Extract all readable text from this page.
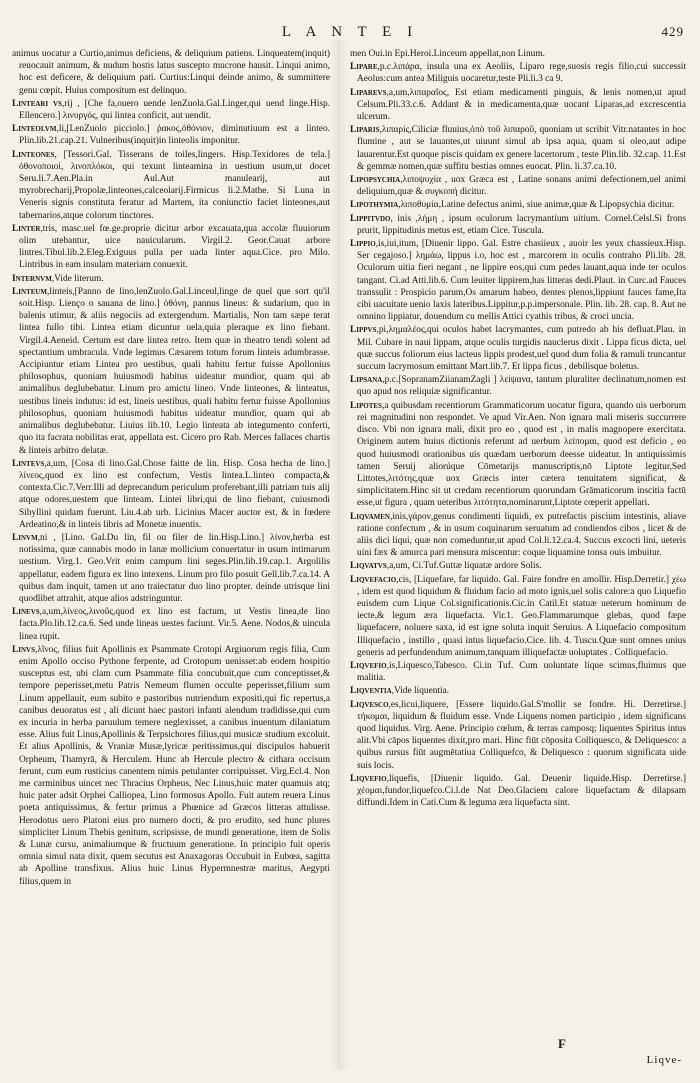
L A N T E I	429

animus uocatur a Curtio,animus deficiens, & deliquium patiens. Linqueatem(inquit) reuocauit animum, & nudum hostis latus suscepto mucrone hausit. Linqui animo, hoc est deficere, & deliquium pati. Curtius:Linqui deinde animo, & summittere genu cœpit. Huius compositum est delinquo.

Linteari vs,rij , [Che fa,ouero uende lenZuola.Gal.Linger,qui uend linge.Hisp. Ellencero.] λινυργός, qui lintea conficit, aut uendit.

Linteolvm,li,[LenZuolo picciolo.] ῥακος,ὀθόνιον, diminutiuum est a linteo. Plin.lib.21.cap.21. Vulneribus(inquit)in linteolis imponitur.

Linteones, [Tessori.Gal. Tisserans de toiles,lingers. Hisp.Texidores de tela.] ὀθονοποιοὶ, λινοπλόκοι, qui texunt linteamina in uestium usum,ut docet Seru.li.7.Aen.Pla.in Aul.Aut manulearij, aut myrobrecharij,Propolæ,linteones,calceolarij.Firmicus li.2.Mathe. Si Luna in Veneris signis constituta feratur ad Martem, ita coniunctio faciet linteones,aut tabernarios,atque colorum tinctores.

Linter,tris, masc.uel fœ.ge.proprie dicitur arbor excauata,qua accolæ fluuiorum olim utebantur, uice nauicularum. Virgil.2. Geor.Cauat arbore lintres.Tibul.lib.2.Eleg.Exiguus pulla per uada linter aqua.Cice. pro Milo. Lintribus in eam insulam materiam conuexit.

Internvm,Vide literum.

Linteum,linteis,[Panno de lino,lenZuolo.Gal.Linceul,linge de quel que sort qu'il soit.Hisp. Lienço o sauana de lino.] ὀθόνη, pannus lineus: & sudarium, quo in balenis utimur, & aliis negociis ad extergendum. Martialis, Non tam sæpe terat lintea fullo tibi. Lintea etiam dicuntur uela,quia pleraque ex lino fiebant. Virgil.4.Aeneid. Certum est dare lintea retro. Item quæ in theatro tendi solent ad spectantium umbracula. Vnde legimus Cæsarem totum forum linteis adumbrasse. Accipiuntur etiam Lintea pro uestibus, quali habitu fertur fuisse Apollonius philosophus, quoniam huiusmodi habitus uideatur mundior, quam qui ab animalibus deglubebatur. Linum pro amictu lineo. Vnde linteones, & linteatus, uestibus lineis indutus: id est, lineis uestibus, quali habitu fertur fuisse Apollonius philosophus, quoniam huiusmodi habitus uideatur mundior, quam qui ab animalibus deglubebatur. Liuius lib.10. Legio linteata ab integumento conferti, quo ita facrata nobilitas erat, appellata est. Cicero pro Rab. Merces fallaces chartis & linteis arbitro delatæ.

Lintevs,a,um, [Cosa di lino.Gal.Chose faitte de lin. Hisp. Cosa hecha de lino.] λίνεος,quod ex lino est confectum, Vestis lintea.L.linteo compacta,& contexta.Cic.7.Verr.Illi ad deprecandum periculum proferebant,illi patriam tuis alij atque odores,uestem que linteam. Lintei libri,qui de lino fiebant, cuiusmodi Sibyllini quidam fuerunt. Liu.4.ab urb. Licinius Macer auctor est, & in fœdere Ardeatino,& in linteis libris ad Monetæ inuentis.

Linvm,ni , [Lino. Gal.Du lin, fil ou filer de lin.Hisp.Lino.] λίνον,herba est notissima, quæ cannabis modo in lanæ mollicium conuertatur in usum intimarum uestium. Virg.1. Geo.Vrit enim campum lini seges.Plin.lib.19.cap.1. Argolilis appellatur, eadem figura ex lino intexens. Linum pro filo posuit Gell.lib.7.ca.14. A quibus dam inquit, tamen ut ano traiectatur duo lino propter. deinde utrisque lini quodlibet attrahit, atque alios adstringuntur.

Linevs,a,um,λίνεος,λινοῦς,quod ex lino est factum, ut Vestis linea,de lino facta.Plo.lib.12.ca.6. Sed unde lineas uestes faciunt. Vir.5. Aene. Nodos,& uincula linea rupit.

Linvs,λῖνος, filius fuit Apollinis ex Psammate Crotopi Argiuorum regis filia, Cum enim Apollo occiso Pythone ferpente, ad Crotopum uenisset:ab eodem hospitio susceptus est, ubi clam cum Psammate filia concubuit,que cum conceptisset,& tempore peperisset,metu Patris Nemeum flumen occulte peperisset,filium sum Linum appellauit, eum subito e pastoribus nutriendum expositi,qui fic repertus,a canibus deuoratus est , ali dicunt haec pastori infanti alendum tradidisse,qui cum ex incuria in herba paruulum temere neglexisset, a canibus inuentum dilaniatum esse. Alius fuit Linus,Apollinis & Terpsichores filius,qui musicæ studium excoluit. Et alius Apollinis, & Vraniæ Musæ,lyricæ peritissimus,qui discipulos habuerit Orpheum, Thamyrā, & Herculem. Hunc ab Hercule plectro & cithara occisum ferunt, cum eum rusticius canentem nimis petulanter corripuisset. Virg.Ecl.4. Non me carminibus uincet nec Thracius Orpheus, Nec Linus,huic mater quamuis atq; huic pater adsit Orphei Calliopea, Lino formosus Apollo. Fuit autem reuera Linus poeta antiquissimus, & fertur primus a Phœnice ad Græcos litteras attulisse. Herodotus uero Platoni eius pro numero docti, & pro erudito, sed hunc plures simpliciter Linum Thebis genitum, scripsisse, de mundi generatione, item de Solis & Lunæ cursu, animaliumque & fructuum generatione. In principio fuit operis omnia simul nata dixit, quem secutus est Anaxagoras Occubuit in Eubœa, sagitta ab Apolline transfixus. Alius huic Linus Hypermnestræ maritus, Aegypti filius,quem in

men Oui.in Epi.Heroi.Linceum appellat,non Linum.

Lipare,p.c.λιπάρα, insula una ex Aeoliis, Liparo rege,suosis regis filio,cui successit Aeolus:cum antea Miliguis uocaretur,teste Pli.li.3 ca 9.

Liparevs,a,um,λιπαραῖος, Est etiam medicamenti pinguis, & lenis nomen,ut apud Celsum.Pli.33.c.6. Addant & in medicamenta,quæ uocant Liparas,ad excrescentia ulcerum.

Liparis,λιπαρίς,Ciliciæ fluuius,ὁπὸ τοῦ λιπαροῦ, quoniam ut scribit Vitr.natantes in hoc flumine , aut se lauantes,ut uiuunt simul ab ipsa aqua, quam si oleo,aut adipe lauarentur.Est quoque piscis quidam ex genere lacertorum , teste Plin.lib. 32.cap. 11.Est & gemmæ nomen,quæ suffitu bestias omnes euocat. Plin. li.37.ca.10.

Lipopsychia,λιποψυχία , uox Græca est , Latine sonans animi defectionem,uel animi deliquium,quæ & συγκοπή dicitur.

Lipothymia,λιποθυμία,Latine defectus animi, siue animæ,quæ & Lipopsychia dicitur.

Lippitvdo, inis ,λήμη , ipsum oculorum lacrymantium uitium. Cornel.Celsl.Si frons prurit, lippitudinis metus est, etiam Cice. Tuscula.

Lippio,is,iui,itum, [Diuenir lippo. Gal. Estre chasiieux , auoir les yeux chassieux.Hisp. Ser cegajoso.] λημάω, lippus i.o, hoc est , marcorem in oculis contraho Pli.lib. 28. Oculorum uitia fieri negant , ne lippire eos,qui cum pedes lauant,aqua inde ter oculos tangant. Ci.ad Atti.lib.6. Cum leuiter lippirem,has litteras dedi.Plaut. in Curc.ad Fauces transsulit : Prospicio parum,Os amarum habeo, dentes plenos,lippiunt fauces fame,Ita cibi uacuitate uenio laxis lateribus.Lippitur,p.p.impersonale. Plin. lib. 28. cap. 8. Aut ne omnino lippiatur, douendum cu mellis Attici cyathis tribus, & croci uncia.

Lippvs,pi,λημαλέος,qui oculos habet lacrymantes, cum putredo ab his defluat.Plau. in Mil. Cubare in naui lippam, atque oculis turgidis nauclerus dixit . Lippa ficus dicta, uel quæ succus foliorum eius lacteus lippis prodest,uel quod dum folia & ramuli truncantur succum lacrymosum emittant Mart.lib.7. Et lippa ficus , debilisque boletus.

Lipsana,p.c.[SopranamZiianamZagli ] λείψανα, tantum pluraliter declinatum,nomen est quo apud nos reliquiæ significantur.

Lipotes,a quibusdam recentiorum Grammaticorum uocatur figura, quando uis uerborum rei magnitudini non respondet. Ve apud Vir.Aen. Non ignara mali miseris succurrere disco. Vbi non ignara mali, dixit pro eo , quod est , in malis magnopere exercitata. Originem autem huius dictionis referunt ad uerbum λείπομαι, quod est deficio , eo quod huiusmodi orationibus uis quædam uerborum deesse uideatur. In antiquissimis tamen Seruij aliorúque Cōmetarijs manuscriptis,nō Liptote legitur,Sed Littotes,λιτότης,quæ uox Græcis inter cætera tenuitatem significat, & simplicitatem.Hinc sit ut credam recentiorum quorundam Grāmaticorum inscitia factū esse,ut figura , quam ueteribus λιτότητα,nominarunt,Liptote cœperit appellari.

Liqvamen,inis,γάρον,genus condimenti liquidi, ex putrefactis piscium intestinis, aliave ratione confectum , & in usum coquinarum seruatum ad condiendos cibos , licet & de aliis dici liqui, quæ non comeduntur,ut apud Col.li.12.ca.4. Succus excocti lini, ueteris uini fæx & amurca pari mensura miscentur: coque liquamine tonsa ouis imbuitur.

Liqvatvs,a,um, Ci.Tuf.Guttæ liquatæ ardore Solis.

Liqvefacio,cis, [Liquefare, far liquido. Gal. Faire fondre en amollir. Hisp.Derretir.] χέω , idem est quod liquidum & fluidum facio ad moto ignis,uel solis calore:a quo Liquefio euisdem cum Lique Col.significationis.Cic.in Catil.Et statuæ ueterum hominum de iecte,& legum æra liquefacta. Vir.1. Geo.Flammarumque glebas, quod fæpe liquefacere, noluere saxa, id est igne soluta inquit Seruius. A Liquefacio compositum Illiquefacio , instillo , quasi intus liquefacio.Cice. lib. 4. Tuscu.Quæ sunt omnes unius generis ad perfundendum animum,tanquam illiquefactæ uoluptates . Colliquefacio.

Liqvefio,is,Liquesco,Tabesco. Ci.in Tuf. Cum uoluntate lique scimus,fluimus que malitia.

Liqventia,Vide liquentia.

Liqvesco,es,licui,liquere, [Essere liquido.Gal.S'mollir se fondre. Hi. Derretirse.] τήκομαι, liquidum & fluidum esse. Vnde Liquens nomen participio , idem significans quod liquidus. Virg. Aene. Principio cœlum, & terras camposq; liquentes Spiritus intus alit.Vbi cāpos liquentes dixit,pro mari. Hinc fiūt cōposita Colliquesco, & Deliquesco: a quibus rursus fiūt augmētatiua Colliquefco, & Deliquesco : quorum significata uide suis locis.

Liqvefio,liquefis, [Diuenir liquido. Gal. Deuenir liquide.Hisp. Derretirse.] χέομαι,fundor,liquefco.Ci.l.de Nat Deo.Glaciem calore liquefactam & dilapsam diffundi.Idem in Cati.Cum & leguma æra liquefacta sint.

F
Liqve-
